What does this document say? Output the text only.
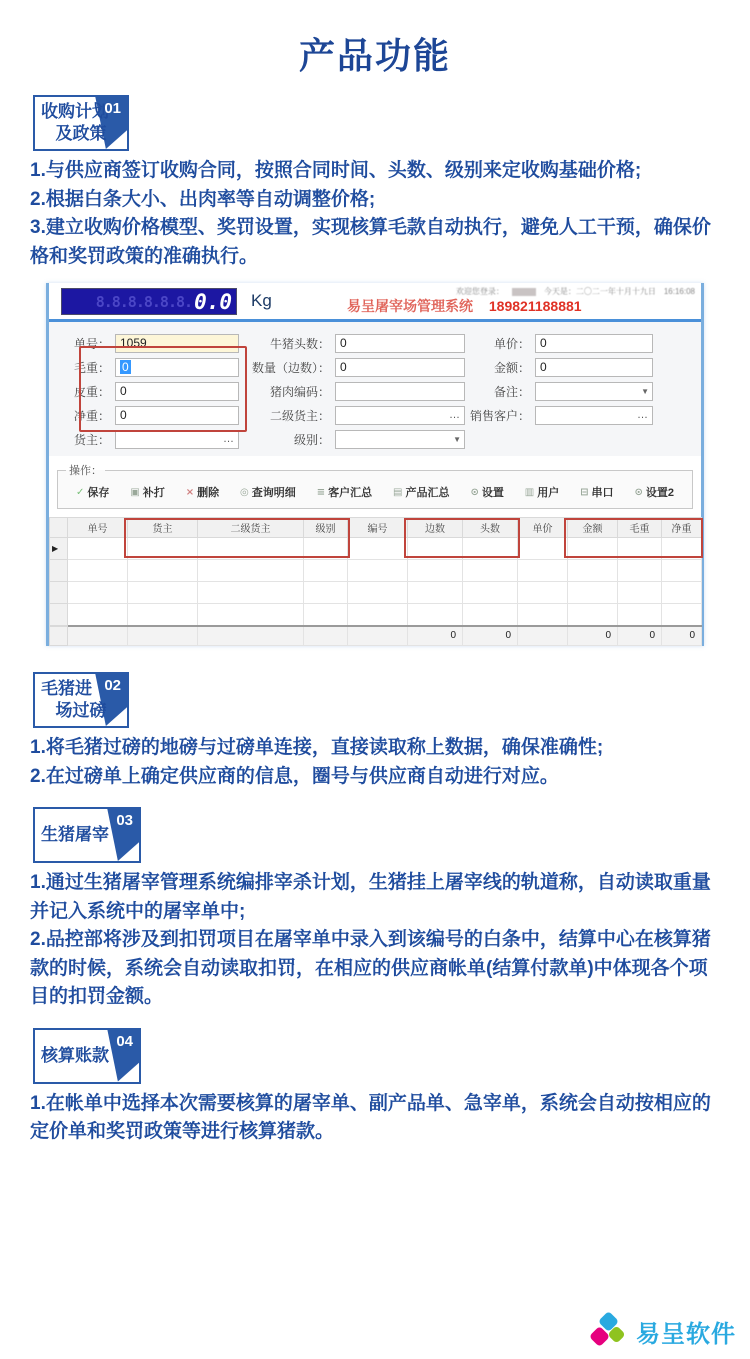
产品功能
01
收购计划
及政策

1.与供应商签订收购合同，按照合同时间、头数、级别来定收购基础价格;

2.根据白条大小、出肉率等自动调整价格;

3.建立收购价格模型、奖罚设置，实现核算毛款自动执行，避免人工干预，确保价格和奖罚政策的准确执行。

8.8.8.8.8.8. 0.0 Kg	易呈屠宰场管理系统 189821188881
欢迎您登录：	今天是：二〇二一年十月十九日 16:16:08
单号： 1059	牛猪头数： 0	单价： 0
毛重：	0	数量（边数）： 0	金额： 0
皮重： 0	猪肉编码：	备注：	▼
净重： 0	二级货主：	… 销售客户：	…
货主：	…	级别：	▼
操作：
✓ 保存 ▣ 补打 × 删除 ◎ 查询明细 ≡ 客户汇总 ▤ 产品汇总 ⊙ 设置 ▥ 用户 ⊟ 串口 ⊙ 设置2
	单号	货主	二级货主	级别	编号	边数	头数	单价	金额	毛重	净重
▶											

						0	0		0	0	0
02
毛猪进
场过磅

1.将毛猪过磅的地磅与过磅单连接，直接读取称上数据，确保准确性;

2.在过磅单上确定供应商的信息，圈号与供应商自动进行对应。

03
生猪屠宰

1.通过生猪屠宰管理系统编排宰杀计划，生猪挂上屠宰线的轨道称，自动读取重量并记入系统中的屠宰单中;

2.品控部将涉及到扣罚项目在屠宰单中录入到该编号的白条中，结算中心在核算猪款的时候，系统会自动读取扣罚，在相应的供应商帐单(结算付款单)中体现各个项目的扣罚金额。

04
核算账款

1.在帐单中选择本次需要核算的屠宰单、副产品单、急宰单，系统会自动按相应的定价单和奖罚政策等进行核算猪款。

易呈软件
